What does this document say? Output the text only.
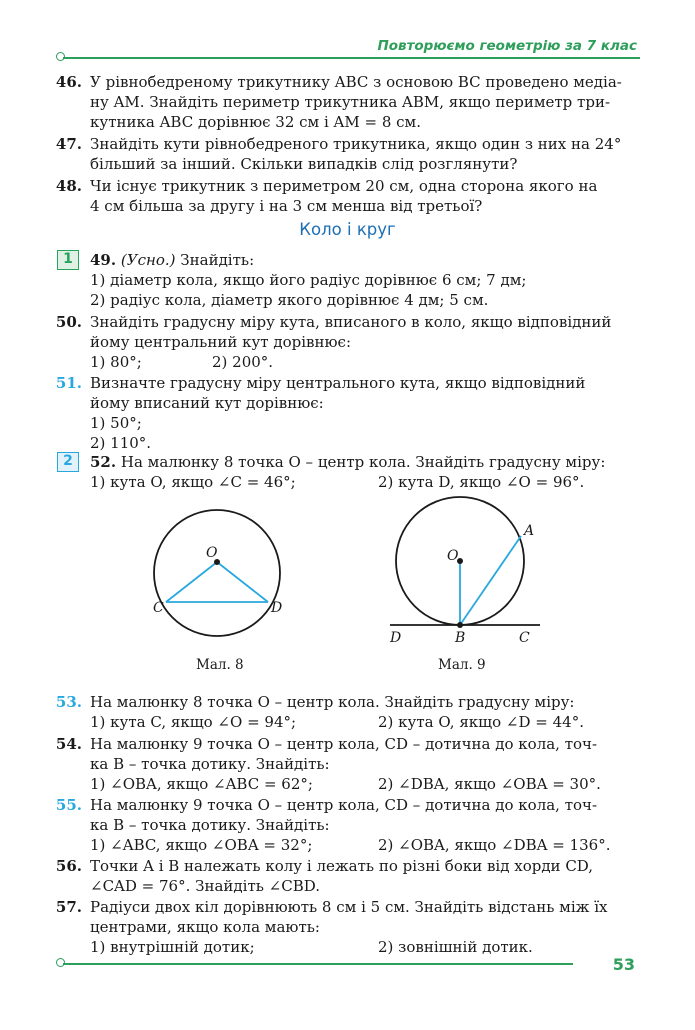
Повторюємо геометрію за 7 клас
46. У рівнобедреному трикутнику ABC з основою BC проведено медіа-
ну AM. Знайдіть периметр трикутника ABM, якщо периметр три-
кутника ABC дорівнює 32 см і AM = 8 см.
47. Знайдіть кути рівнобедреного трикутника, якщо один з них на 24°
більший за інший. Скільки випадків слід розглянути?
48. Чи існує трикутник з периметром 20 см, одна сторона якого на
4 см більша за другу і на 3 см менша від третьої?
Коло і круг
1	49. (Усно.) Знайдіть:
1) діаметр кола, якщо його радіус дорівнює 6 см; 7 дм;
2) радіус кола, діаметр якого дорівнює 4 дм; 5 см.
50. Знайдіть градусну міру кута, вписаного в коло, якщо відповідний
йому центральний кут дорівнює:
1) 80°;	2) 200°.
51. Визначте градусну міру центрального кута, якщо відповідний
йому вписаний кут дорівнює:
1) 50°;
2) 110°.
2	52. На малюнку 8 точка O – центр кола. Знайдіть градусну міру:
1) кута O, якщо ∠C = 46°;	2) кута D, якщо ∠O = 96°.
O
C	D
Мал. 8
O
A
B	C
D
Мал. 9
53. На малюнку 8 точка O – центр кола. Знайдіть градусну міру:
1) кута C, якщо ∠O = 94°;	2) кута O, якщо ∠D = 44°.
54. На малюнку 9 точка O – центр кола, CD – дотична до кола, точ-
ка B – точка дотику. Знайдіть:
1) ∠OBA, якщо ∠ABC = 62°;	2) ∠DBA, якщо ∠OBA = 30°.
55. На малюнку 9 точка O – центр кола, CD – дотична до кола, точ-
ка B – точка дотику. Знайдіть:
1) ∠ABC, якщо ∠OBA = 32°;	2) ∠OBA, якщо ∠DBA = 136°.
56. Точки A і B належать колу і лежать по різні боки від хорди CD,
∠CAD = 76°. Знайдіть ∠CBD.
57. Радіуси двох кіл дорівнюють 8 см і 5 см. Знайдіть відстань між їх
центрами, якщо кола мають:
1) внутрішній дотик;	2) зовнішній дотик.
53
